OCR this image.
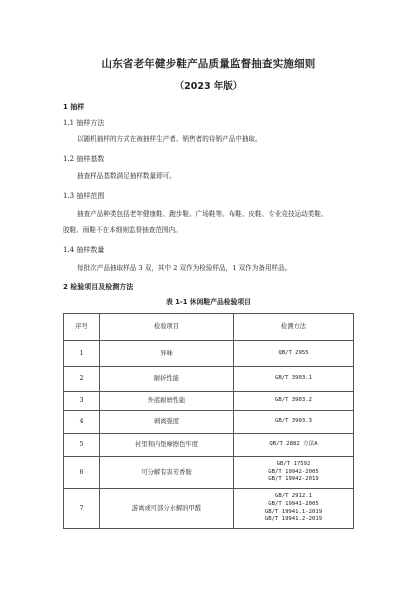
山东省老年健步鞋产品质量监督抽查实施细则
（2023 年版）
1 抽样
1.1 抽样方法
以随机抽样的方式在被抽样生产者、销售者的待销产品中抽取。
1.2 抽样基数
抽查样品基数满足抽样数量即可。
1.3 抽样范围
抽查产品种类包括老年健康鞋、跑步鞋、广场鞋等。布鞋、皮鞋、专业竞技运动类鞋、
胶鞋、雨鞋不在本细则监督抽查范围内。
1.4 抽样数量
每批次产品抽取样品 3 双，其中 2 双作为检验样品，1 双作为备用样品。
2 检验项目及检测方法
表 1-1 休闲鞋产品检验项目
序号	检验项目	检测方法
1	异味	QB/T 2955

2	耐折性能	GB/T 3903.1

3	外底耐磨性能	GB/T 3903.2

4	剥离强度	GB/T 3903.3

5	衬里和内垫摩擦色牢度	QB/T 2882 方法A

6	可分解有害芳香胺	GB/T 17592
GB/T 19942-2005
GB/T 19942-2019

7	游离或可部分水解的甲醛	GB/T 2912.1
GB/T 19941-2005
GB/T 19941.1-2019
GB/T 19941.2-2019
